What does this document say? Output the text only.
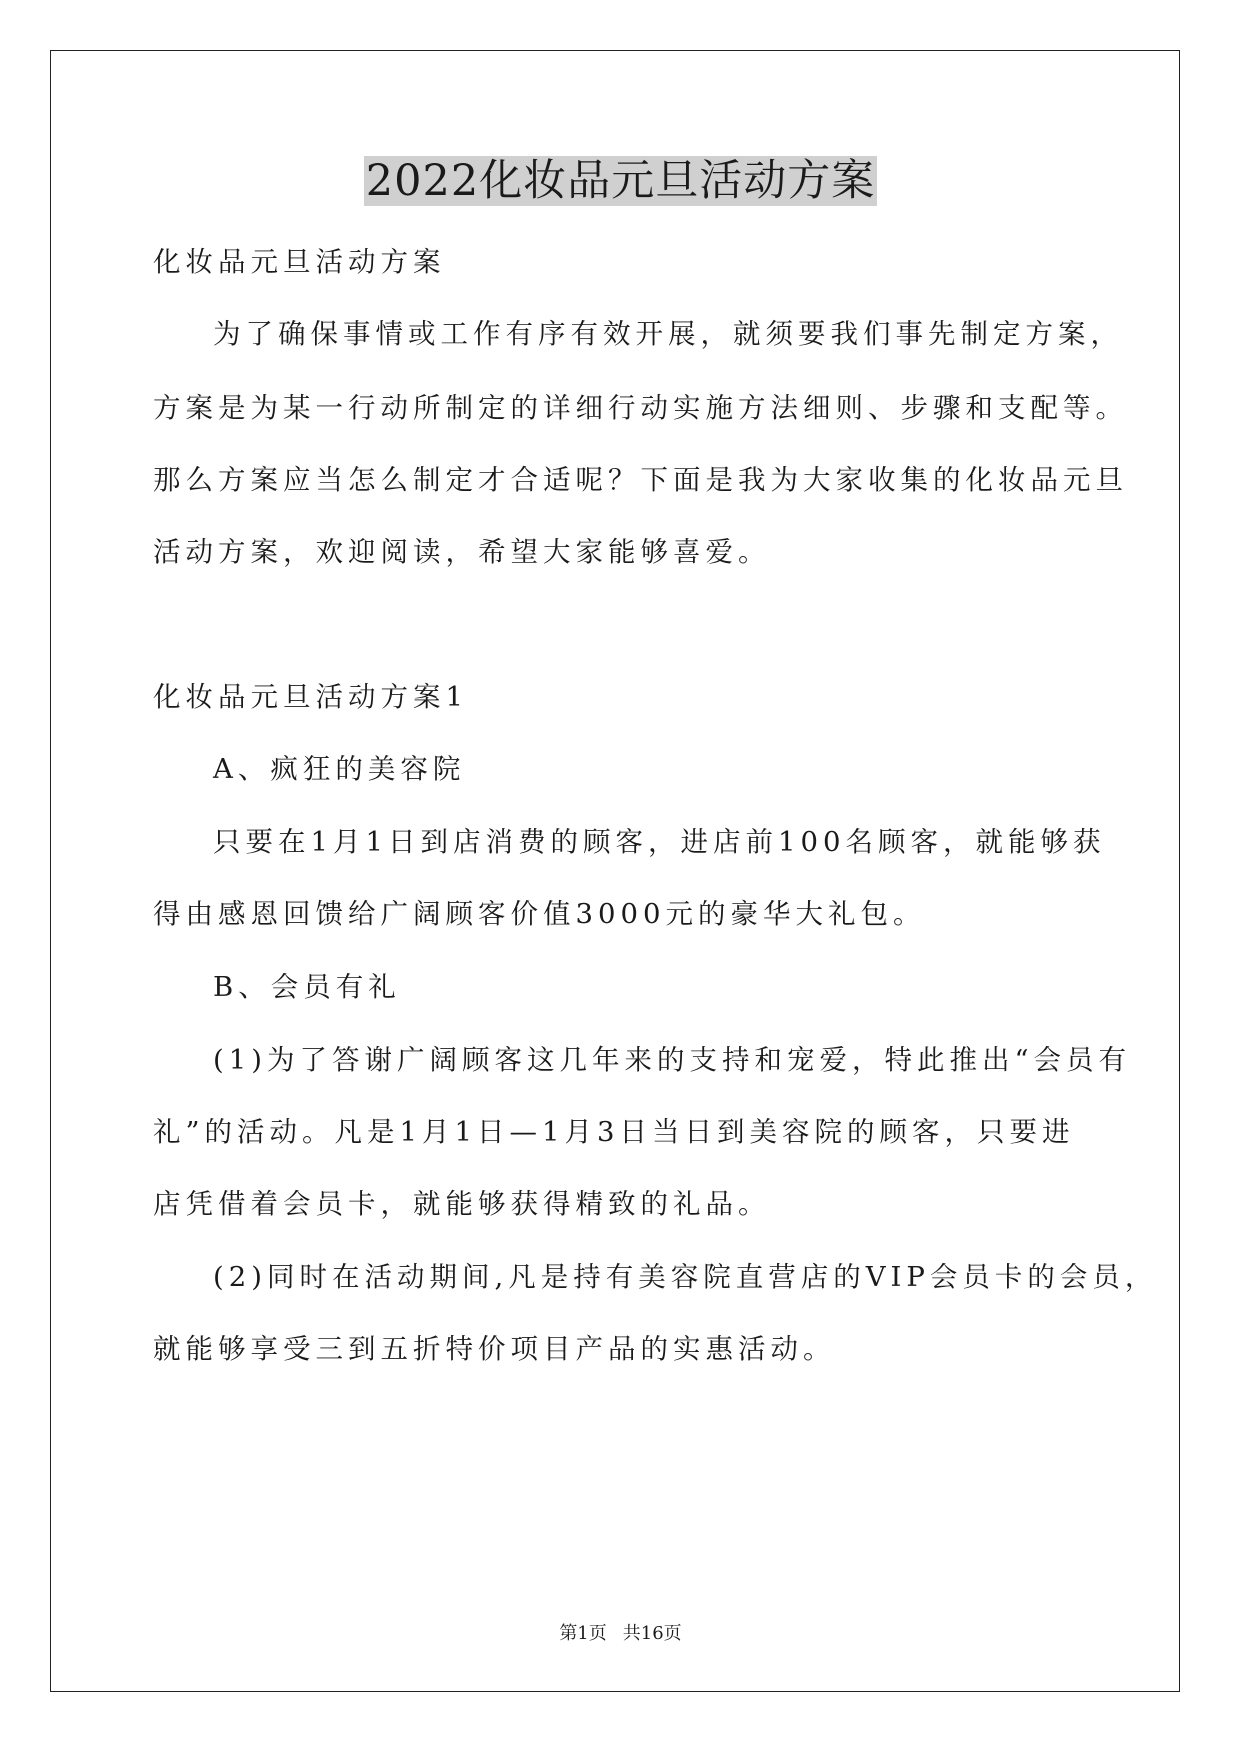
2022化妆品元旦活动方案
化妆品元旦活动方案
为了确保事情或工作有序有效开展，就须要我们事先制定方案，
方案是为某一行动所制定的详细行动实施方法细则、步骤和支配等。
那么方案应当怎么制定才合适呢？下面是我为大家收集的化妆品元旦
活动方案，欢迎阅读，希望大家能够喜爱。
化妆品元旦活动方案1
A、疯狂的美容院
只要在1月1日到店消费的顾客，进店前100名顾客，就能够获
得由感恩回馈给广阔顾客价值3000元的豪华大礼包。
B、会员有礼
(1)为了答谢广阔顾客这几年来的支持和宠爱，特此推出“会员有
礼”的活动。凡是1月1日—1月3日当日到美容院的顾客，只要进
店凭借着会员卡，就能够获得精致的礼品。
(2)同时在活动期间,凡是持有美容院直营店的VIP会员卡的会员，
就能够享受三到五折特价项目产品的实惠活动。
第1页 共16页
